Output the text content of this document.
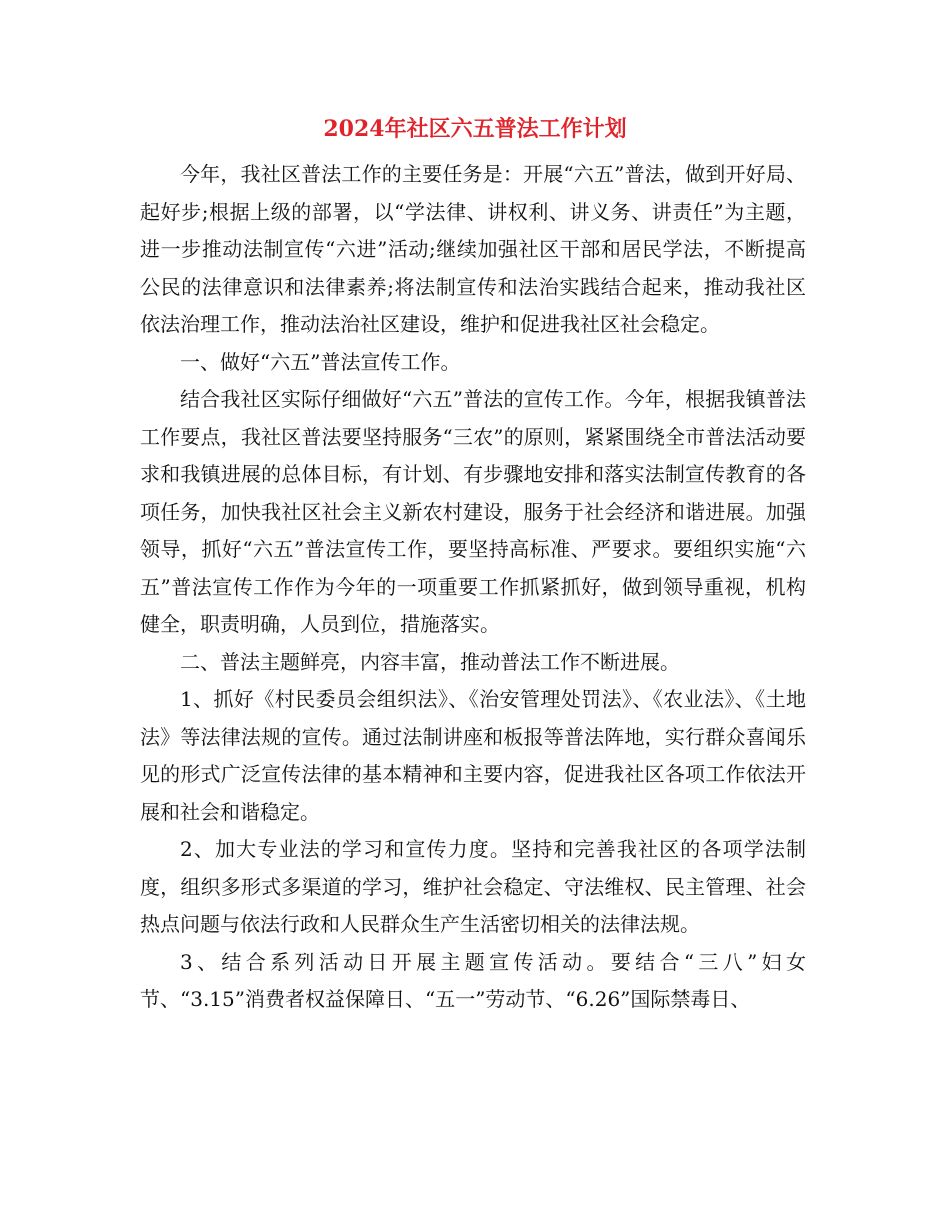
2024年社区六五普法工作计划

今年，我社区普法工作的主要任务是：开展“六五”普法，做到开好局、起好步;根据上级的部署，以“学法律、讲权利、讲义务、讲责任”为主题，进一步推动法制宣传“六进”活动;继续加强社区干部和居民学法，不断提高公民的法律意识和法律素养;将法制宣传和法治实践结合起来，推动我社区依法治理工作，推动法治社区建设，维护和促进我社区社会稳定。

一、做好“六五”普法宣传工作。

结合我社区实际仔细做好“六五”普法的宣传工作。今年，根据我镇普法工作要点，我社区普法要坚持服务“三农”的原则，紧紧围绕全市普法活动要求和我镇进展的总体目标，有计划、有步骤地安排和落实法制宣传教育的各项任务，加快我社区社会主义新农村建设，服务于社会经济和谐进展。加强领导，抓好“六五”普法宣传工作，要坚持高标准、严要求。要组织实施“六五”普法宣传工作作为今年的一项重要工作抓紧抓好，做到领导重视，机构健全，职责明确，人员到位，措施落实。

二、普法主题鲜亮，内容丰富，推动普法工作不断进展。

1、抓好《村民委员会组织法》、《治安管理处罚法》、《农业法》、《土地法》等法律法规的宣传。通过法制讲座和板报等普法阵地，实行群众喜闻乐见的形式广泛宣传法律的基本精神和主要内容，促进我社区各项工作依法开展和社会和谐稳定。

2、加大专业法的学习和宣传力度。坚持和完善我社区的各项学法制度，组织多形式多渠道的学习，维护社会稳定、守法维权、民主管理、社会热点问题与依法行政和人民群众生产生活密切相关的法律法规。

3、结合系列活动日开展主题宣传活动。要结合“三八”妇女节、“3.15”消费者权益保障日、“五一”劳动节、“6.26”国际禁毒日、
